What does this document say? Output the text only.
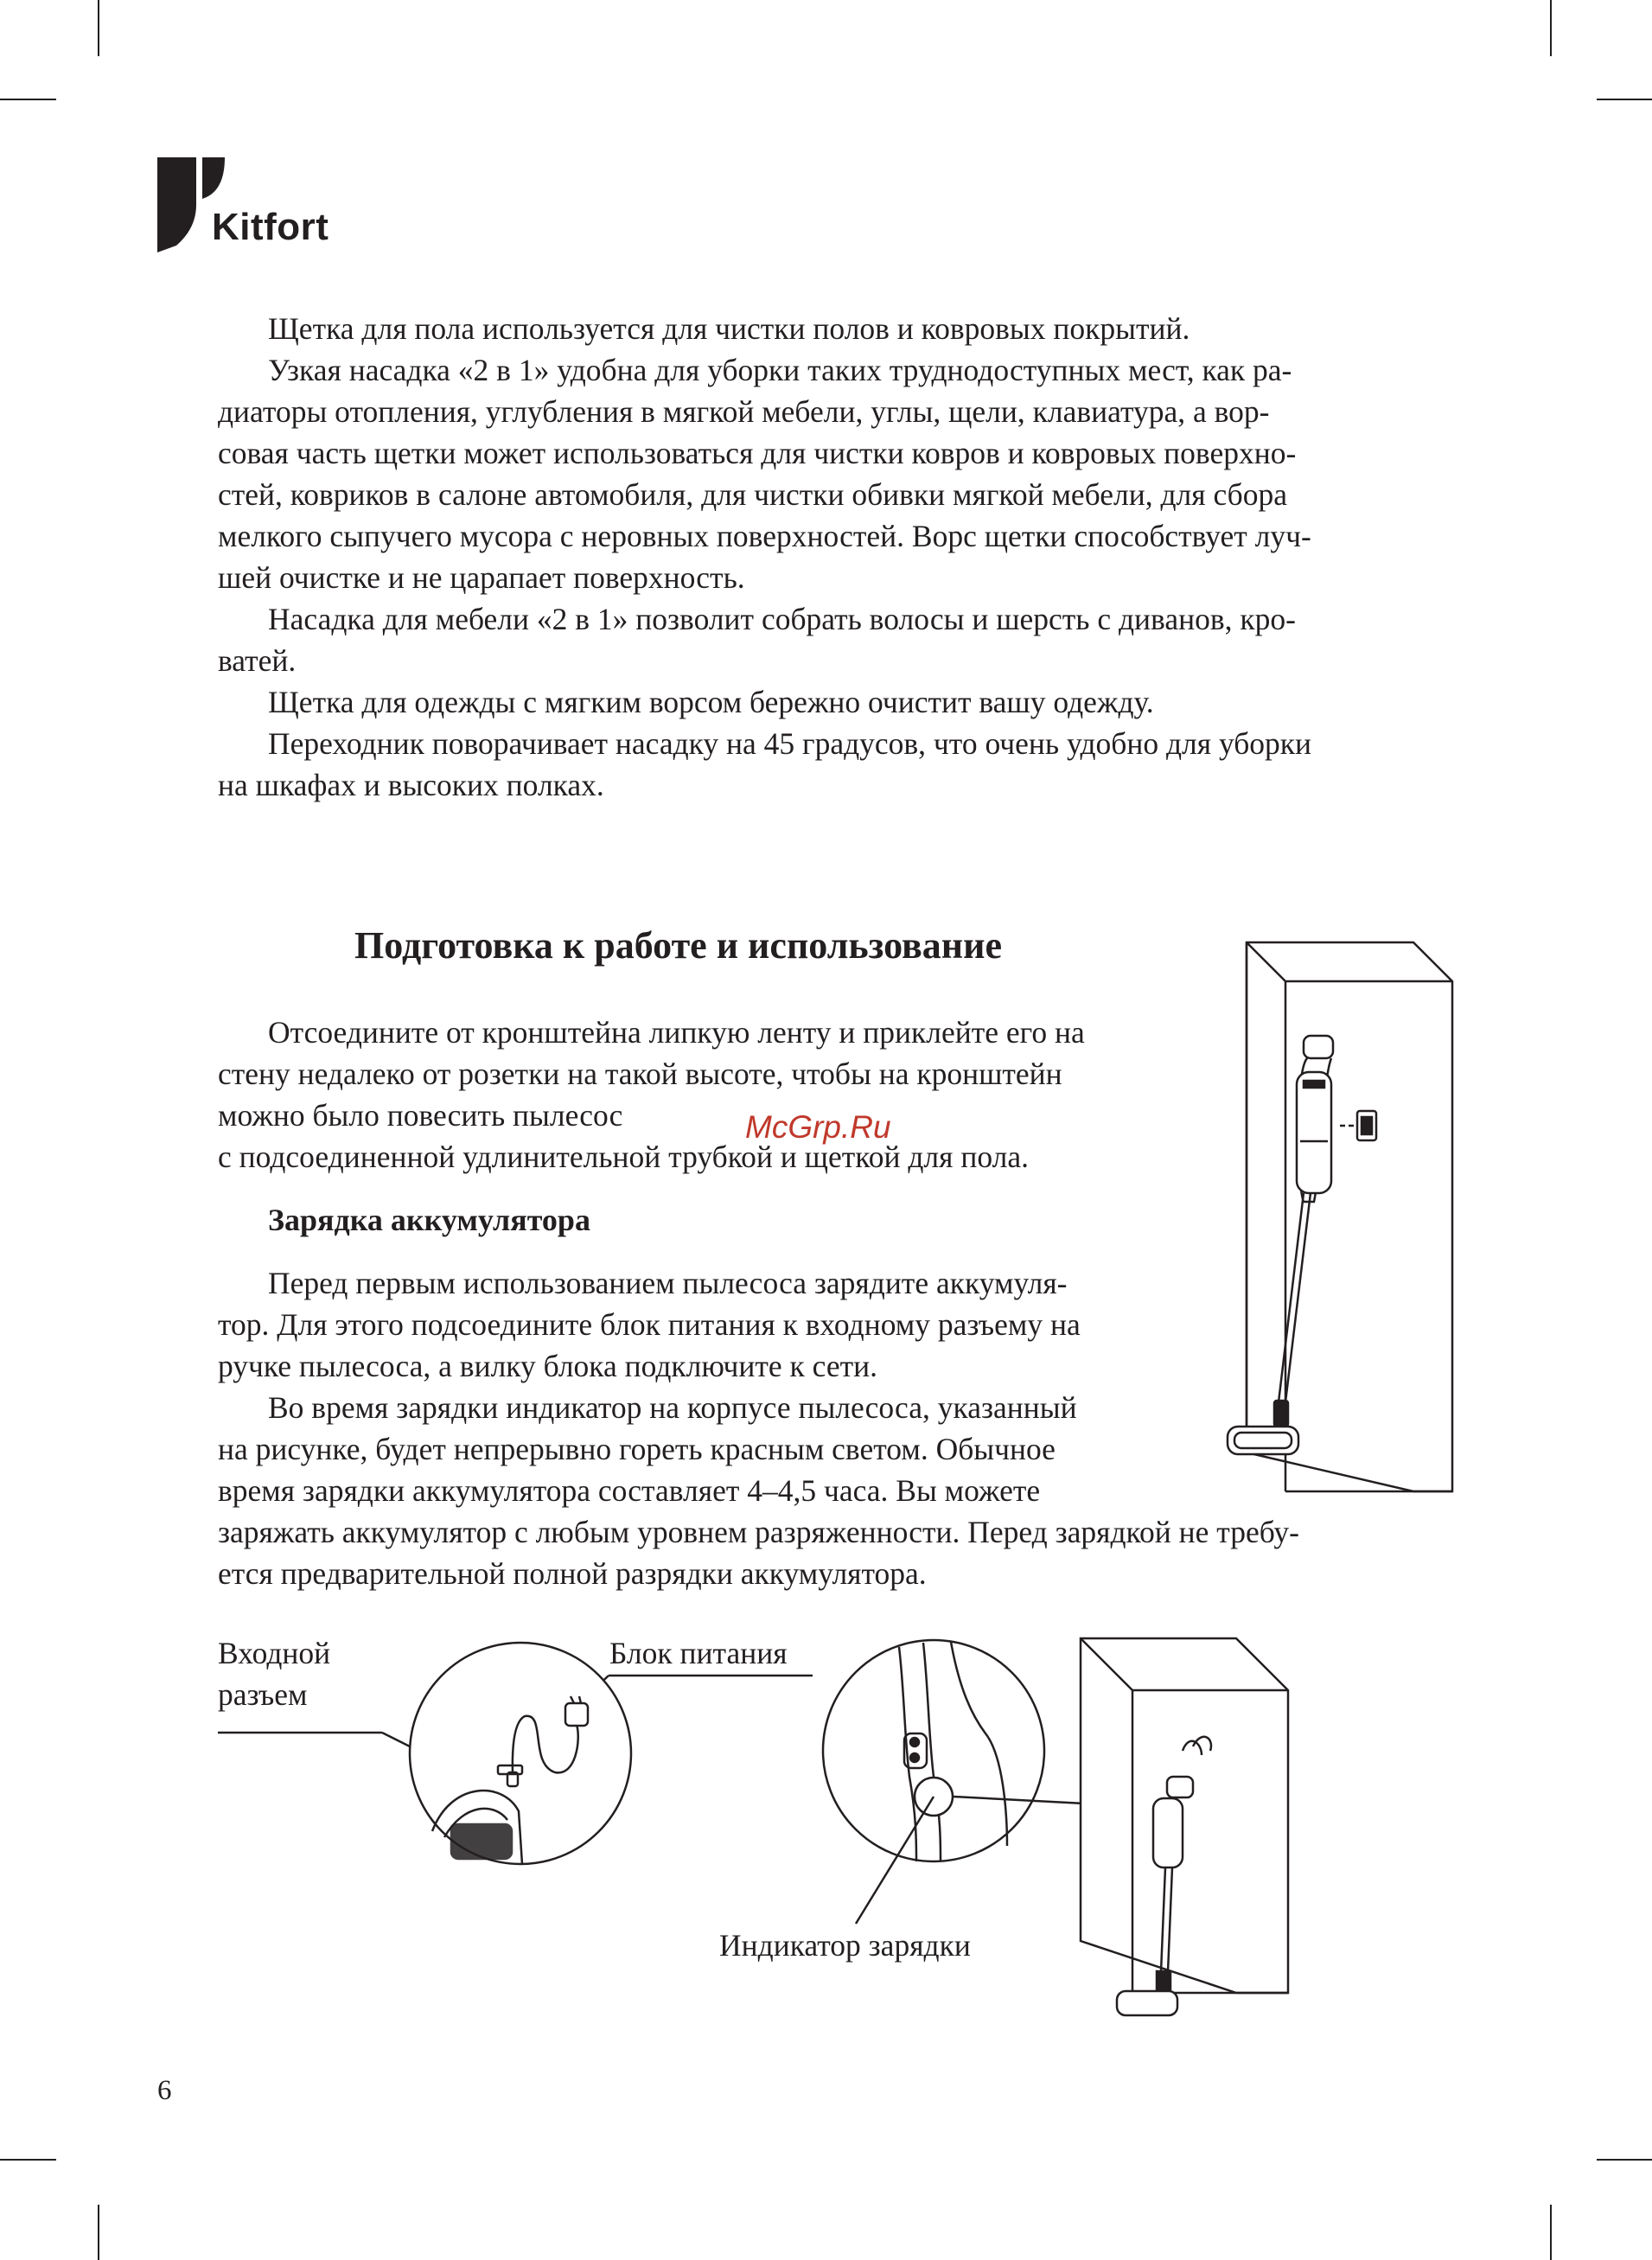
Kitfort

Щетка для пола используется для чистки полов и ковровых покрытий.

Узкая насадка «2 в 1» удобна для уборки таких труднодоступных мест, как ра-

диаторы отопления, углубления в мягкой мебели, углы, щели, клавиатура, а вор-

совая часть щетки может использоваться для чистки ковров и ковровых поверхно-

стей, ковриков в салоне автомобиля, для чистки обивки мягкой мебели, для сбора

мелкого сыпучего мусора с неровных поверхностей. Ворс щетки способствует луч-

шей очистке и не царапает поверхность.

Насадка для мебели «2 в 1» позволит собрать волосы и шерсть с диванов, кро-

ватей.

Щетка для одежды с мягким ворсом бережно очистит вашу одежду.

Переходник поворачивает насадку на 45 градусов, что очень удобно для уборки

на шкафах и высоких полках.

Подготовка к работе и использование

Отсоедините от кронштейна липкую ленту и приклейте его на

стену недалеко от розетки на такой высоте, чтобы на кронштейн

можно было повесить пылесос

с подсоединенной удлинительной трубкой и щеткой для пола.

McGrp.Ru
Зарядка аккумулятора

Перед первым использованием пылесоса зарядите аккумуля-

тор. Для этого подсоедините блок питания к входному разъему на

ручке пылесоса, а вилку блока подключите к сети.

Во время зарядки индикатор на корпусе пылесоса, указанный

на рисунке, будет непрерывно гореть красным светом. Обычное

время зарядки аккумулятора составляет 4–4,5 часа. Вы можете

заряжать аккумулятор с любым уровнем разряженности. Перед зарядкой не требу-

ется предварительной полной разрядки аккумулятора.

Входной
разъем
Блок питания
Индикатор зарядки
6
